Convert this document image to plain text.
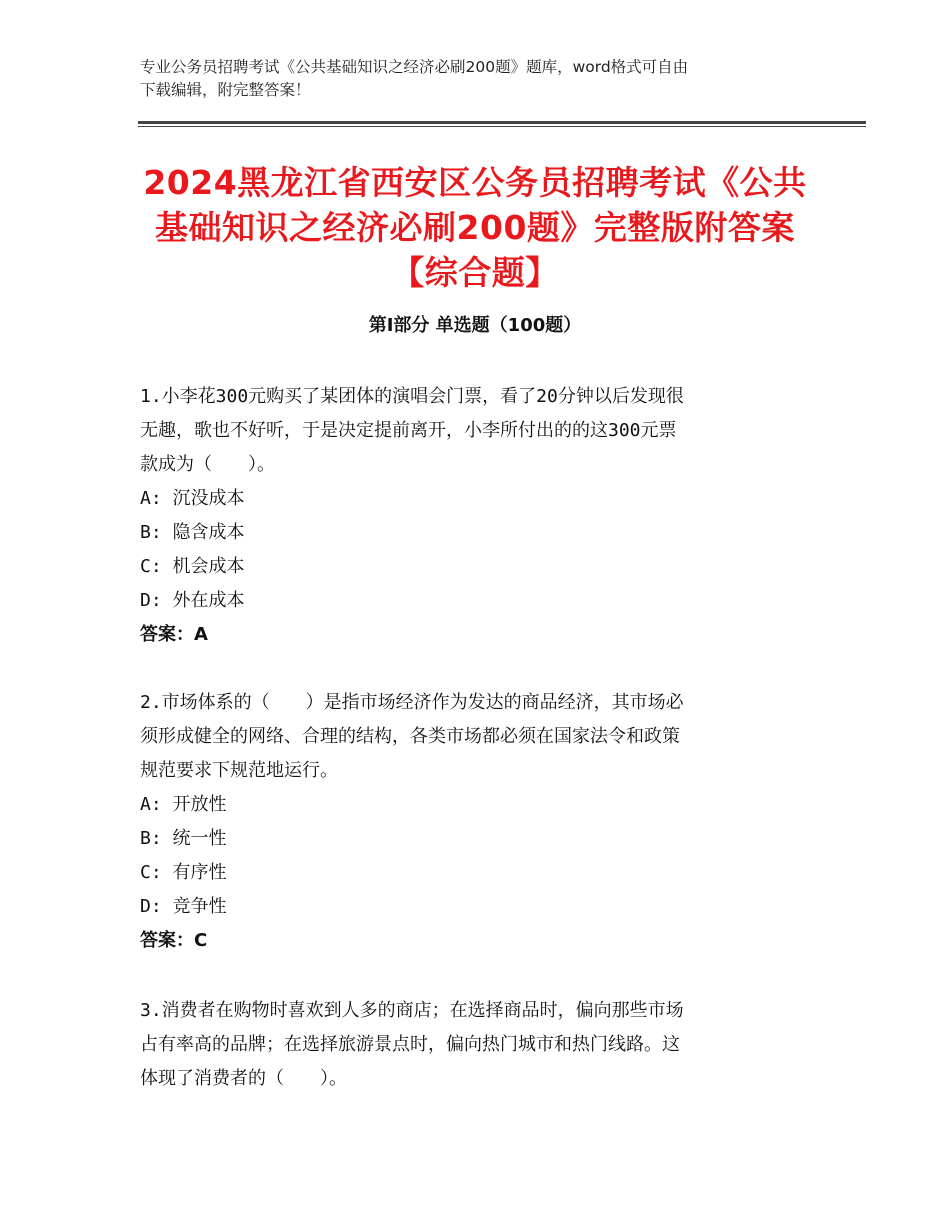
专业公务员招聘考试《公共基础知识之经济必刷200题》题库，word格式可自由
下载编辑，附完整答案！
2024黑龙江省西安区公务员招聘考试《公共
基础知识之经济必刷200题》完整版附答案
【综合题】
第Ⅰ部分 单选题（100题）
1.小李花300元购买了某团体的演唱会门票，看了20分钟以后发现很
无趣，歌也不好听，于是决定提前离开，小李所付出的的这300元票
款成为（　　）。
A: 沉没成本
B: 隐含成本
C: 机会成本
D: 外在成本
答案：A
2.市场体系的（　　）是指市场经济作为发达的商品经济，其市场必
须形成健全的网络、合理的结构，各类市场都必须在国家法令和政策
规范要求下规范地运行。
A: 开放性
B: 统一性
C: 有序性
D: 竞争性
答案：C
3.消费者在购物时喜欢到人多的商店；在选择商品时，偏向那些市场
占有率高的品牌；在选择旅游景点时，偏向热门城市和热门线路。这
体现了消费者的（　　）。
